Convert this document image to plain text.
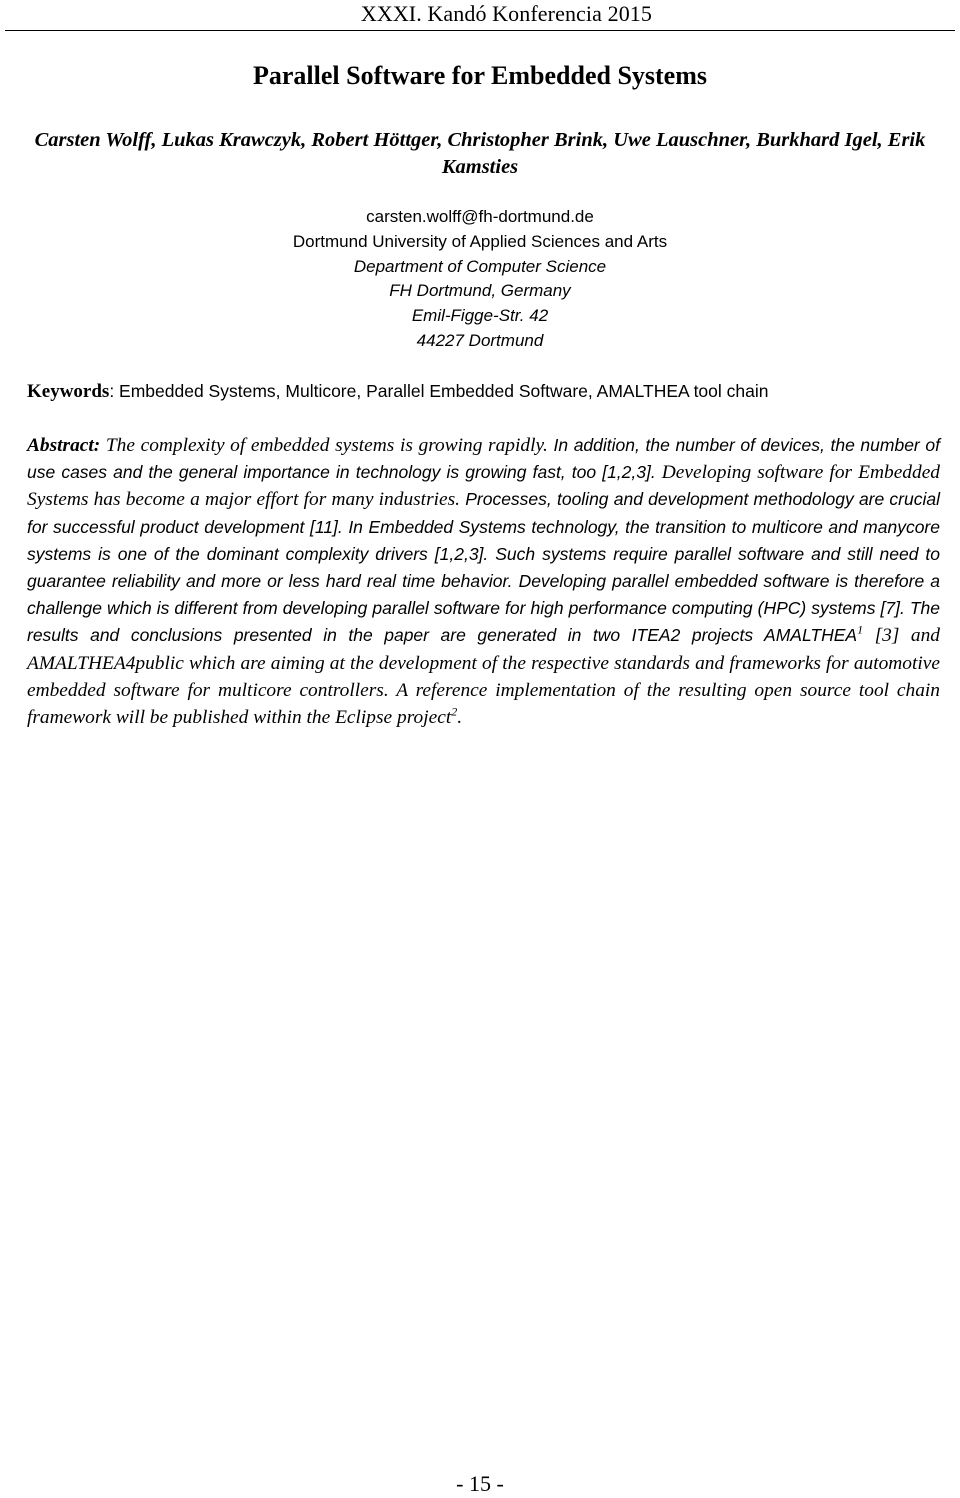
XXXI. Kandó Konferencia 2015
Parallel Software for Embedded Systems
Carsten Wolff, Lukas Krawczyk, Robert Höttger, Christopher Brink, Uwe Lauschner, Burkhard Igel, Erik Kamsties
carsten.wolff@fh-dortmund.de
Dortmund University of Applied Sciences and Arts
Department of Computer Science
FH Dortmund, Germany
Emil-Figge-Str. 42
44227 Dortmund
Keywords: Embedded Systems, Multicore, Parallel Embedded Software, AMALTHEA tool chain
Abstract: The complexity of embedded systems is growing rapidly. In addition, the number of devices, the number of use cases and the general importance in technology is growing fast, too [1,2,3]. Developing software for Embedded Systems has become a major effort for many industries. Processes, tooling and development methodology are crucial for successful product development [11]. In Embedded Systems technology, the transition to multicore and manycore systems is one of the dominant complexity drivers [1,2,3]. Such systems require parallel software and still need to guarantee reliability and more or less hard real time behavior. Developing parallel embedded software is therefore a challenge which is different from developing parallel software for high performance computing (HPC) systems [7]. The results and conclusions presented in the paper are generated in two ITEA2 projects AMALTHEA$^1$ [3] and AMALTHEA4public which are aiming at the development of the respective standards and frameworks for automotive embedded software for multicore controllers. A reference implementation of the resulting open source tool chain framework will be published within the Eclipse project$^2$.
- 15 -
